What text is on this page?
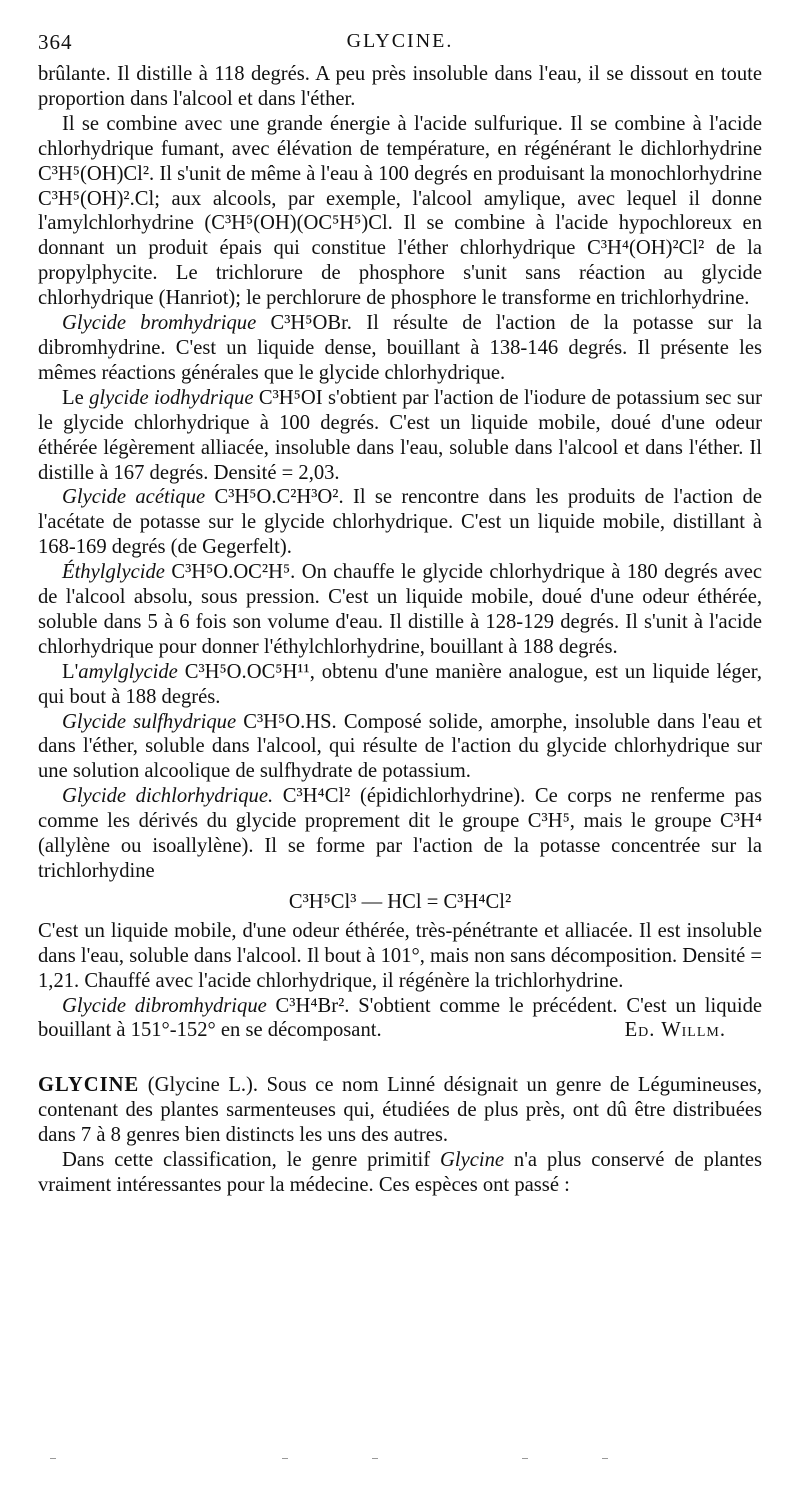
364	GLYCINE.

brûlante. Il distille à 118 degrés. A peu près insoluble dans l'eau, il se dissout en toute proportion dans l'alcool et dans l'éther.

Il se combine avec une grande énergie à l'acide sulfurique. Il se combine à l'acide chlorhydrique fumant, avec élévation de température, en régénérant le dichlorhydrine C³H⁵(OH)Cl². Il s'unit de même à l'eau à 100 degrés en produisant la monochlorhydrine C³H⁵(OH)².Cl; aux alcools, par exemple, l'alcool amylique, avec lequel il donne l'amylchlorhydrine (C³H⁵(OH)(OC⁵H⁵)Cl. Il se combine à l'acide hypochloreux en donnant un produit épais qui constitue l'éther chlorhydrique C³H⁴(OH)²Cl² de la propylphycite. Le trichlorure de phosphore s'unit sans réaction au glycide chlorhydrique (Hanriot); le perchlorure de phosphore le transforme en trichlorhydrine.

Glycide bromhydrique C³H⁵OBr. Il résulte de l'action de la potasse sur la dibromhydrine. C'est un liquide dense, bouillant à 138-146 degrés. Il présente les mêmes réactions générales que le glycide chlorhydrique.

Le glycide iodhydrique C³H⁵OI s'obtient par l'action de l'iodure de potassium sec sur le glycide chlorhydrique à 100 degrés. C'est un liquide mobile, doué d'une odeur éthérée légèrement alliacée, insoluble dans l'eau, soluble dans l'alcool et dans l'éther. Il distille à 167 degrés. Densité = 2,03.

Glycide acétique C³H⁵O.C²H³O². Il se rencontre dans les produits de l'action de l'acétate de potasse sur le glycide chlorhydrique. C'est un liquide mobile, distillant à 168-169 degrés (de Gegerfelt).

Éthylglycide C³H⁵O.OC²H⁵. On chauffe le glycide chlorhydrique à 180 degrés avec de l'alcool absolu, sous pression. C'est un liquide mobile, doué d'une odeur éthérée, soluble dans 5 à 6 fois son volume d'eau. Il distille à 128-129 degrés. Il s'unit à l'acide chlorhydrique pour donner l'éthylchlorhydrine, bouillant à 188 degrés.

L'amylglycide C³H⁵O.OC⁵H¹¹, obtenu d'une manière analogue, est un liquide léger, qui bout à 188 degrés.

Glycide sulfhydrique C³H⁵O.HS. Composé solide, amorphe, insoluble dans l'eau et dans l'éther, soluble dans l'alcool, qui résulte de l'action du glycide chlorhydrique sur une solution alcoolique de sulfhydrate de potassium.

Glycide dichlorhydrique. C³H⁴Cl² (épidichlorhydrine). Ce corps ne renferme pas comme les dérivés du glycide proprement dit le groupe C³H⁵, mais le groupe C³H⁴ (allylène ou isoallylène). Il se forme par l'action de la potasse concentrée sur la trichlorhydine

C³H⁵Cl³ — HCl = C³H⁴Cl²

C'est un liquide mobile, d'une odeur éthérée, très-pénétrante et alliacée. Il est insoluble dans l'eau, soluble dans l'alcool. Il bout à 101°, mais non sans décomposition. Densité = 1,21. Chauffé avec l'acide chlorhydrique, il régénère la trichlorhydrine.

Glycide dibromhydrique C³H⁴Br². S'obtient comme le précédent. C'est un liquide bouillant à 151°-152° en se décomposant.	Ed. Willm.

GLYCINE (Glycine L.). Sous ce nom Linné désignait un genre de Légumineuses, contenant des plantes sarmenteuses qui, étudiées de plus près, ont dû être distribuées dans 7 à 8 genres bien distincts les uns des autres.

Dans cette classification, le genre primitif Glycine n'a plus conservé de plantes vraiment intéressantes pour la médecine. Ces espèces ont passé :
